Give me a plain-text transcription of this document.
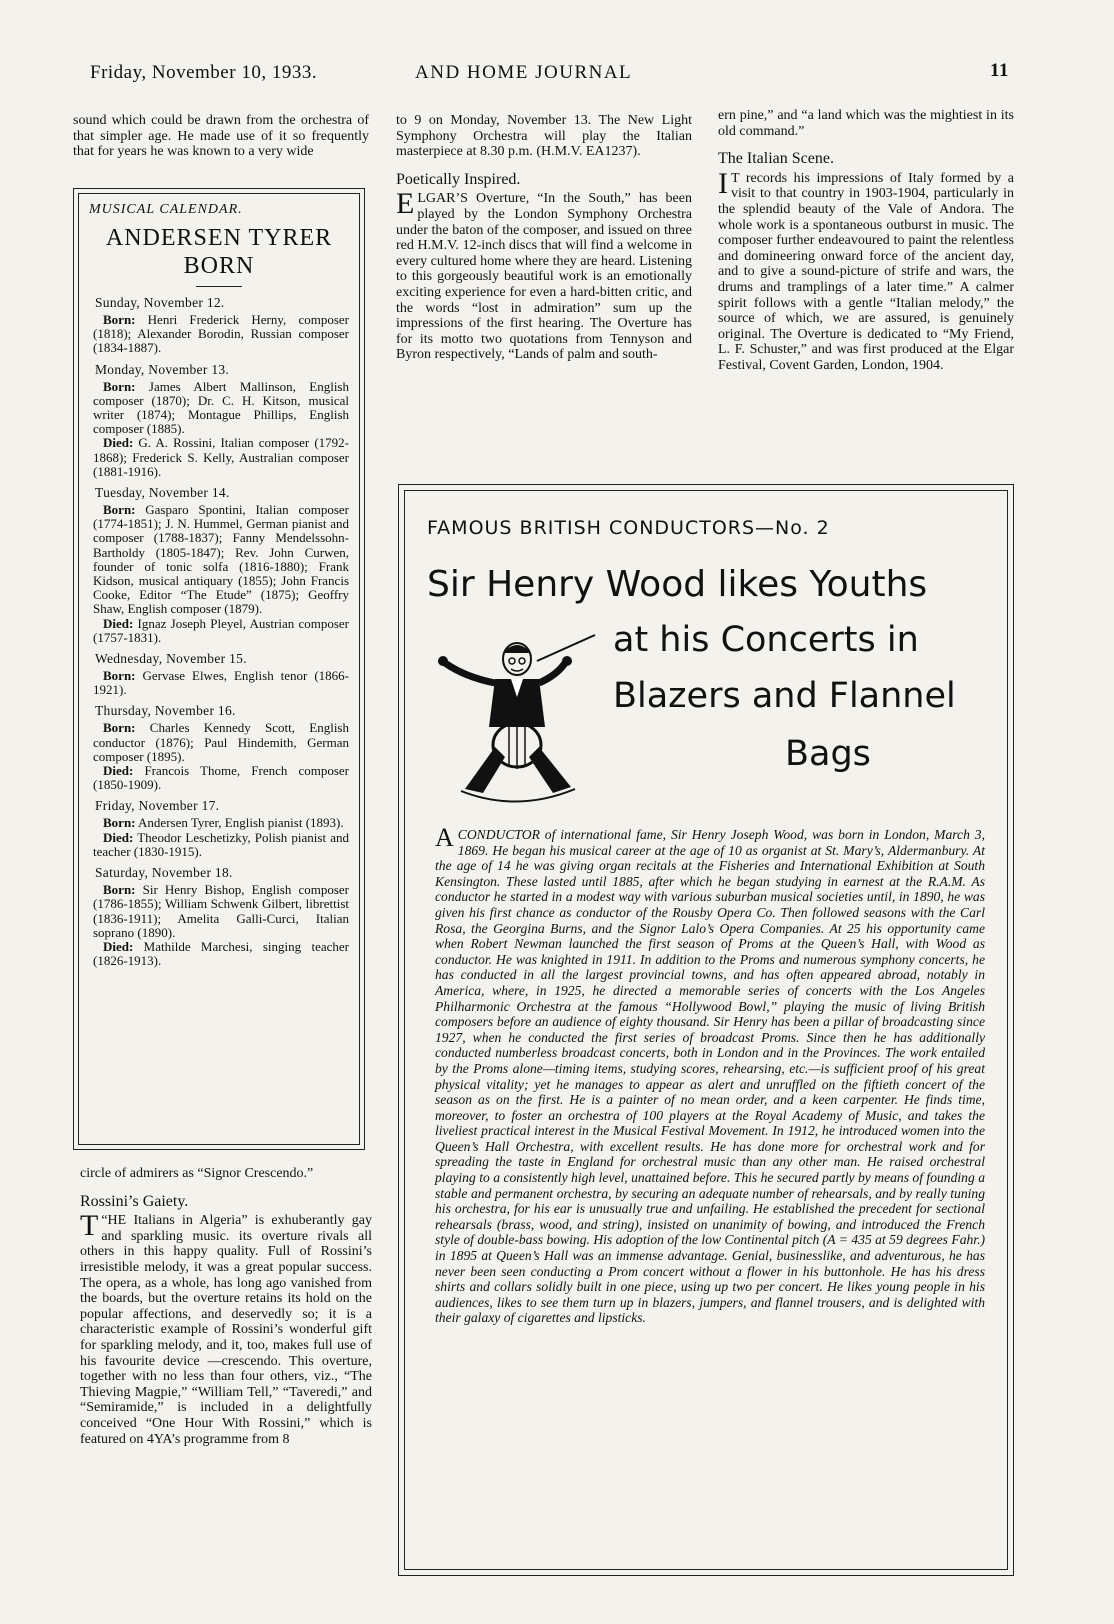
Friday, November 10, 1933.	AND HOME JOURNAL	11

sound which could be drawn from the orchestra of that simpler age. He made use of it so frequently that for years he was known to a very wide

MUSICAL CALENDAR.
ANDERSEN TYRER
BORN
Sunday, November 12.
Born: Henri Frederick Herny, composer (1818); Alexander Borodin, Russian composer (1834-1887).
Monday, November 13.
Born: James Albert Mallinson, English composer (1870); Dr. C. H. Kitson, musical writer (1874); Montague Phillips, English composer (1885).
Died: G. A. Rossini, Italian composer (1792-1868); Frederick S. Kelly, Australian composer (1881-1916).
Tuesday, November 14.
Born: Gasparo Spontini, Italian composer (1774-1851); J. N. Hummel, German pianist and composer (1788-1837); Fanny Mendelssohn-Bartholdy (1805-1847); Rev. John Curwen, founder of tonic solfa (1816-1880); Frank Kidson, musical antiquary (1855); John Francis Cooke, Editor “The Etude” (1875); Geoffry Shaw, English composer (1879).
Died: Ignaz Joseph Pleyel, Austrian composer (1757-1831).
Wednesday, November 15.
Born: Gervase Elwes, English tenor (1866-1921).
Thursday, November 16.
Born: Charles Kennedy Scott, English conductor (1876); Paul Hindemith, German composer (1895).
Died: Francois Thome, French composer (1850-1909).
Friday, November 17.
Born: Andersen Tyrer, English pianist (1893).
Died: Theodor Leschetizky, Polish pianist and teacher (1830-1915).
Saturday, November 18.
Born: Sir Henry Bishop, English composer (1786-1855); William Schwenk Gilbert, librettist (1836-1911); Amelita Galli-Curci, Italian soprano (1890).
Died: Mathilde Marchesi, singing teacher (1826-1913).

circle of admirers as “Signor Crescendo.”

Rossini’s Gaiety.

“
T HE Italians in Algeria” is exhuberantly gay and sparkling music. its overture rivals all others in this happy quality. Full of Rossini’s irresistible melody, it was a great popular success. The opera, as a whole, has long ago vanished from the boards, but the overture retains its hold on the popular affections, and deservedly so; it is a characteristic example of Rossini’s wonderful gift for sparkling melody, and it, too, makes full use of his favourite device —crescendo. This overture, together with no less than four others, viz., “The Thieving Magpie,” “William Tell,” “Taveredi,” and “Semiramide,” is included in a delightfully conceived “One Hour With Rossini,” which is featured on 4YA’s programme from 8

to 9 on Monday, November 13. The New Light Symphony Orchestra will play the Italian masterpiece at 8.30 p.m. (H.M.V. EA1237).

Poetically Inspired.

ELGAR’S Overture, “In the South,” has been played by the London Symphony Orchestra under the baton of the composer, and issued on three red H.M.V. 12-inch discs that will find a welcome in every cultured home where they are heard. Listening to this gorgeously beautiful work is an emotionally exciting experience for even a hard-bitten critic, and the words “lost in admiration” sum up the impressions of the first hearing. The Overture has for its motto two quotations from Tennyson and Byron respectively, “Lands of palm and south-

ern pine,” and “a land which was the mightiest in its old command.”

The Italian Scene.

I T records his impressions of Italy formed by a visit to that country in 1903-1904, particularly in the splendid beauty of the Vale of Andora. The whole work is a spontaneous outburst in music. The composer further endeavoured to paint the relentless and domineering onward force of the ancient day, and to give a sound-picture of strife and wars, the drums and tramplings of a later time.” A calmer spirit follows with a gentle “Italian melody,” the source of which, we are assured, is genuinely original. The Overture is dedicated to “My Friend, L. F. Schuster,” and was first produced at the Elgar Festival, Covent Garden, London, 1904.

FAMOUS BRITISH CONDUCTORS—No. 2
Sir Henry Wood likes Youths
at his Concerts in
Blazers and Flannel
Bags
A CONDUCTOR of international fame, Sir Henry Joseph Wood, was born in London, March 3, 1869. He began his musical career at the age of 10 as organist at St. Mary’s, Aldermanbury. At the age of 14 he was giving organ recitals at the Fisheries and International Exhibition at South Kensington. These lasted until 1885, after which he began studying in earnest at the R.A.M. As conductor he started in a modest way with various suburban musical societies until, in 1890, he was given his first chance as conductor of the Rousby Opera Co. Then followed seasons with the Carl Rosa, the Georgina Burns, and the Signor Lalo’s Opera Companies. At 25 his opportunity came when Robert Newman launched the first season of Proms at the Queen’s Hall, with Wood as conductor. He was knighted in 1911. In addition to the Proms and numerous symphony concerts, he has conducted in all the largest provincial towns, and has often appeared abroad, notably in America, where, in 1925, he directed a memorable series of concerts with the Los Angeles Philharmonic Orchestra at the famous “Hollywood Bowl,” playing the music of living British composers before an audience of eighty thousand. Sir Henry has been a pillar of broadcasting since 1927, when he conducted the first series of broadcast Proms. Since then he has additionally conducted numberless broadcast concerts, both in London and in the Provinces. The work entailed by the Proms alone—timing items, studying scores, rehearsing, etc.—is sufficient proof of his great physical vitality; yet he manages to appear as alert and unruffled on the fiftieth concert of the season as on the first. He is a painter of no mean order, and a keen carpenter. He finds time, moreover, to foster an orchestra of 100 players at the Royal Academy of Music, and takes the liveliest practical interest in the Musical Festival Movement. In 1912, he introduced women into the Queen’s Hall Orchestra, with excellent results. He has done more for orchestral work and for spreading the taste in England for orchestral music than any other man. He raised orchestral playing to a consistently high level, unattained before. This he secured partly by means of founding a stable and permanent orchestra, by securing an adequate number of rehearsals, and by really tuning his orchestra, for his ear is unusually true and unfailing. He established the precedent for sectional rehearsals (brass, wood, and string), insisted on unanimity of bowing, and introduced the French style of double-bass bowing. His adoption of the low Continental pitch (A = 435 at 59 degrees Fahr.) in 1895 at Queen’s Hall was an immense advantage. Genial, businesslike, and adventurous, he has never been seen conducting a Prom concert without a flower in his buttonhole. He has his dress shirts and collars solidly built in one piece, using up two per concert. He likes young people in his audiences, likes to see them turn up in blazers, jumpers, and flannel trousers, and is delighted with their galaxy of cigarettes and lipsticks.
